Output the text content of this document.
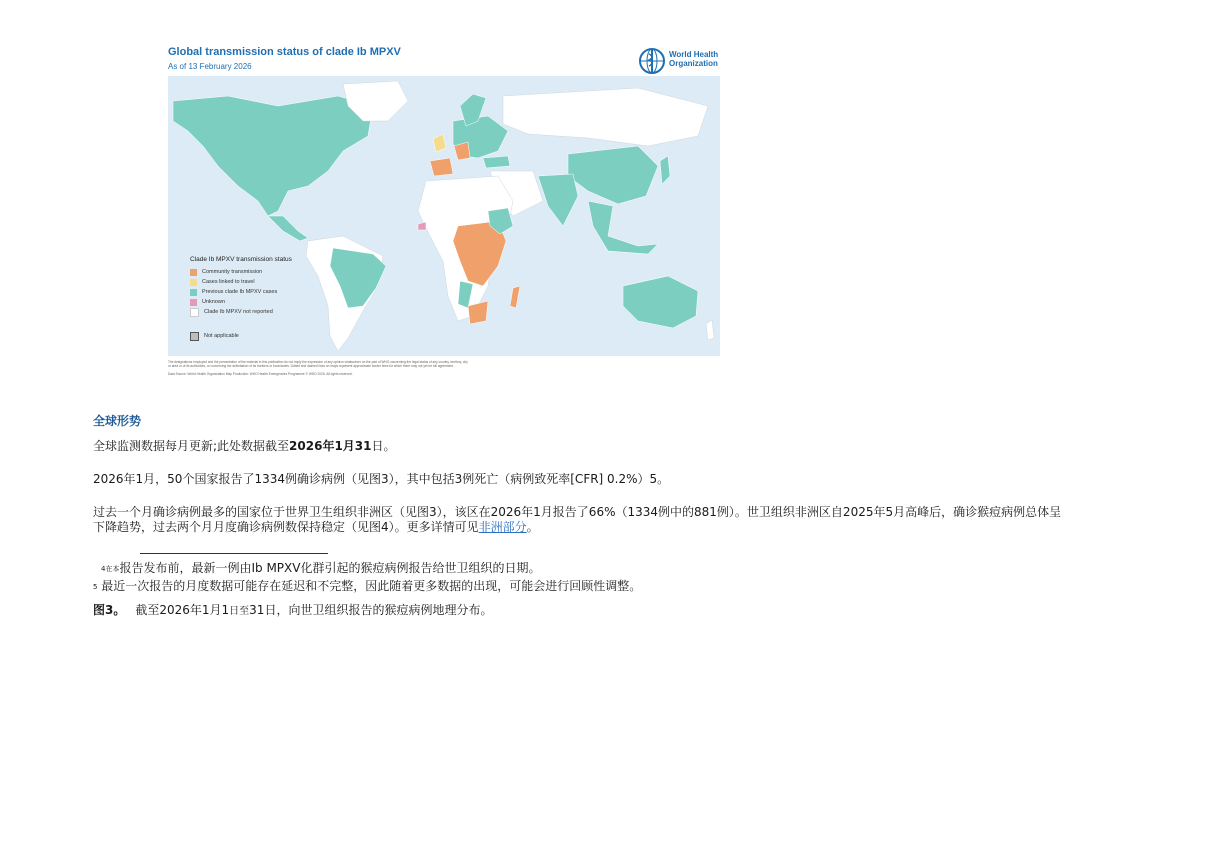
Global transmission status of clade Ib MPXV
As of 13 February 2026
World Health
Organization
Clade Ib MPXV transmission status
Community transmission
Cases linked to travel
Previous clade Ib MPXV cases
Unknown
Clade Ib MPXV not reported
Not applicable

The designations employed and the presentation of the material in this publication do not imply the expression of any opinion whatsoever on the part of WHO concerning the legal status of any country, territory, city or area or of its authorities, or concerning the delimitation of its frontiers or boundaries. Dotted and dashed lines on maps represent approximate border lines for which there may not yet be full agreement.

Data Source: World Health Organization Map Production: WHO Health Emergencies Programme © WHO 2026. All rights reserved.

全球形势
全球监测数据每月更新;此处数据截至2026年1月31日。
2026年1月，50个国家报告了1334例确诊病例（见图3），其中包括3例死亡（病例致死率[CFR] 0.2%）5。
过去一个月确诊病例最多的国家位于世界卫生组织非洲区（见图3），该区在2026年1月报告了66%（1334例中的881例）。世卫组织非洲区自2025年5月高峰后，确诊猴痘病例总体呈
下降趋势，过去两个月月度确诊病例数保持稳定（见图4）。更多详情可见非洲部分。
4在本报告发布前，最新一例由Ib MPXV化群引起的猴痘病例报告给世卫组织的日期。
5 最近一次报告的月度数据可能存在延迟和不完整，因此随着更多数据的出现，可能会进行回顾性调整。
图3。 截至2026年1月1日至31日，向世卫组织报告的猴痘病例地理分布。
